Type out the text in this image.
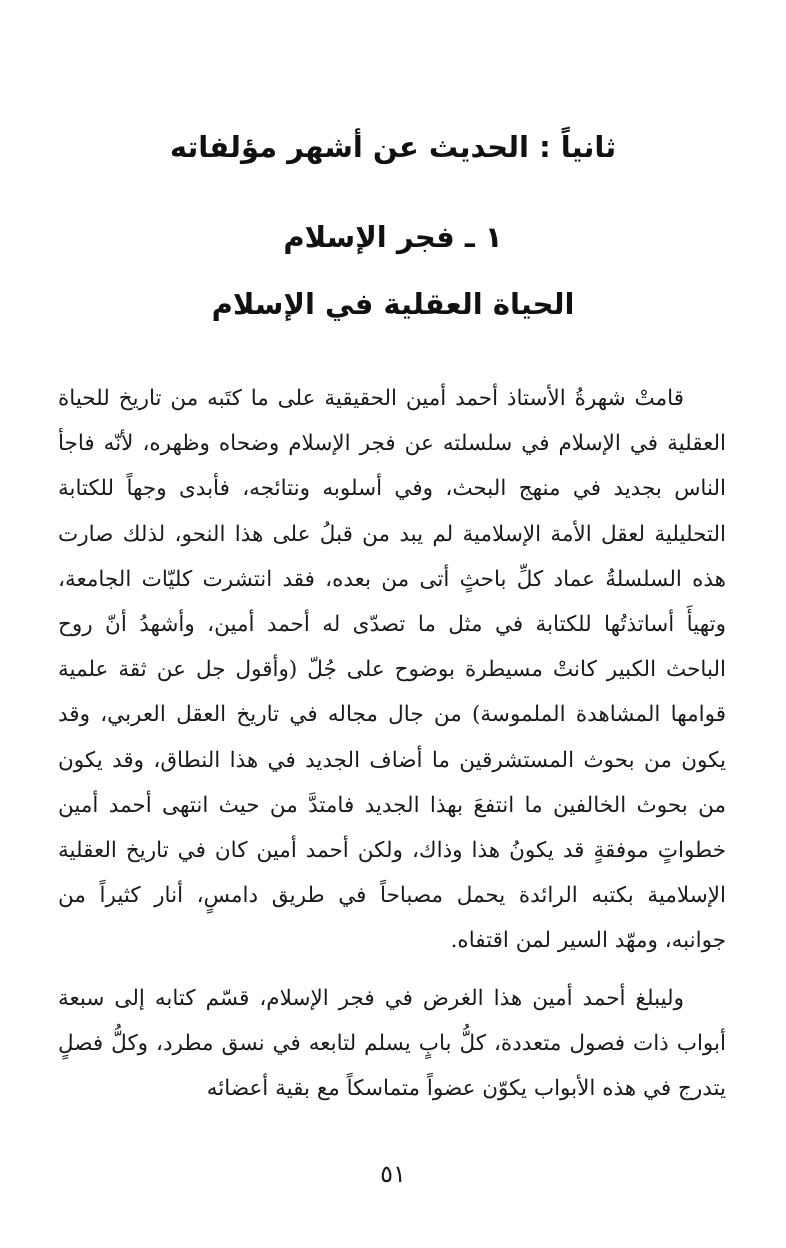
ثانياً : الحديث عن أشهر مؤلفاته
١ ـ فجر الإسلام
الحياة العقلية في الإسلام

قامتْ شهرةُ الأستاذ أحمد أمين الحقيقية على ما كتَبه من تاريخ للحياة العقلية في الإسلام في سلسلته عن فجر الإسلام وضحاه وظهره، لأنّه فاجأ الناس بجديد في منهج البحث، وفي أسلوبه ونتائجه، فأبدى وجهاً للكتابة التحليلية لعقل الأمة الإسلامية لم يبد من قبلُ على هذا النحو، لذلك صارت هذه السلسلةُ عماد كلِّ باحثٍ أتى من بعده، فقد انتشرت كليّات الجامعة، وتهيأَ أساتذتُها للكتابة في مثل ما تصدّى له أحمد أمين، وأشهدُ أنّ روح الباحث الكبير كانتْ مسيطرة بوضوح على جُلّ (وأقول جل عن ثقة علمية قوامها المشاهدة الملموسة) من جال مجاله في تاريخ العقل العربي، وقد يكون من بحوث المستشرقين ما أضاف الجديد في هذا النطاق، وقد يكون من بحوث الخالفين ما انتفعَ بهذا الجديد فامتدَّ من حيث انتهى أحمد أمين خطواتٍ موفقةٍ قد يكونُ هذا وذاك، ولكن أحمد أمين كان في تاريخ العقلية الإسلامية بكتبه الرائدة يحمل مصباحاً في طريق دامسٍ، أنار كثيراً من جوانبه، ومهّد السير لمن اقتفاه.

وليبلغ أحمد أمين هذا الغرض في فجر الإسلام، قسّم كتابه إلى سبعة أبواب ذات فصول متعددة، كلُّ بابٍ يسلم لتابعه في نسق مطرد، وكلُّ فصلٍ يتدرج في هذه الأبواب يكوّن عضواً متماسكاً مع بقية أعضائه

٥١
